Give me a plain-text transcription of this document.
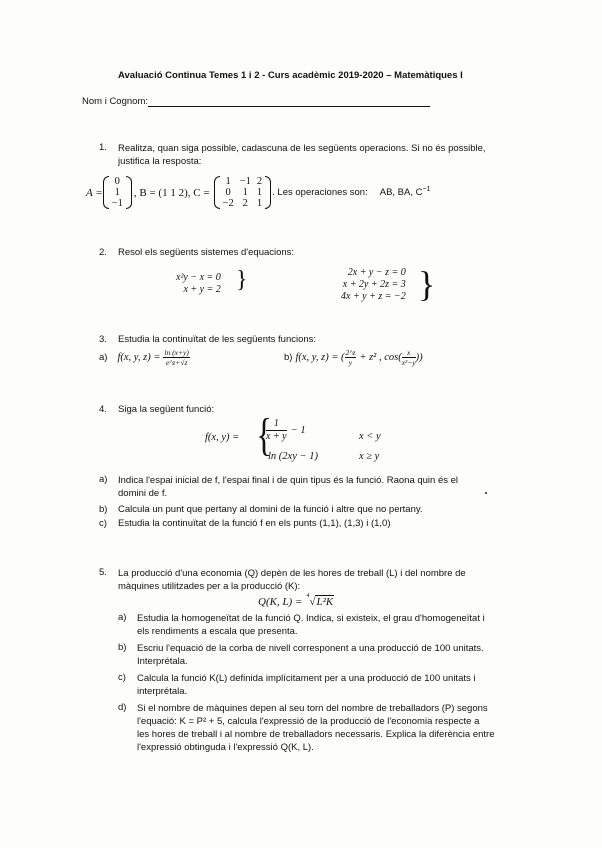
Avaluació Continua Temes 1 i 2 - Curs acadèmic 2019-2020 – Matemàtiques I
Nom i Cognom:
1. Realitza, quan siga possible, cadascuna de les següents operacions. Si no és possible,
justifica la resposta:
A =
0
1
−1
, B = (1 1 2), C =
1	−1	2
0	1	1
−2	2	1
. Les operaciones son: AB, BA, $C^{-1}$
2. Resol els següents sistemes d'equacions:
x²y − x = 0
x + y = 2 }	2x + y − z = 0
x + 2y + 2z = 3
4x + y + z = −2 }
3. Estudia la continuïtat de les següents funcions:
a) f(x, y, $z) = \frac{\ln (x+y)}{e\^{}z+√z}$	b) f(x, y, z) = ( $\frac{2\^{}z}{y} + z^2$ , $\cos( \frac{x}{\text{x²−y}}$ ))
4. Siga la següent funció:
f(x, y) = {
$\frac{1}{x + y} - 1$
x < y
ln (2xy − 1)	x ≥ y
a) Indica l'espai inicial de f, l'espai final i de quin tipus és la funció. Raona quin és el
domini de f.
b) Calcula un punt que pertany al domini de la funció i altre que no pertany.
c) Estudia la continuïtat de la funció f en els punts (1,1), (1,3) i (1,0)
5. La producció d'una economia (Q) depèn de les hores de treball (L) i del nombre de
màquines utilitzades per a la producció (K):
Q(K, L) = 4 √L²K
a) Estudia la homogeneïtat de la funció Q. Indica, si existeix, el grau d'homogeneïtat i
els rendiments a escala que presenta.
b) Escriu l'equació de la corba de nivell corresponent a una producció de 100 unitats.
Interprétala.
c) Calcula la funció K(L) definida implícitament per a una producció de 100 unitats i
interprétala.
d) Si el nombre de màquines depen al seu torn del nombre de treballadors (P) segons
l'equació: K = P² + 5, calcula l'expressió de la producció de l'economia respecte a
les hores de treball i al nombre de treballadors necessaris. Explica la diferència entre
l'expressió obtinguda i l'expressió Q(K, L).
